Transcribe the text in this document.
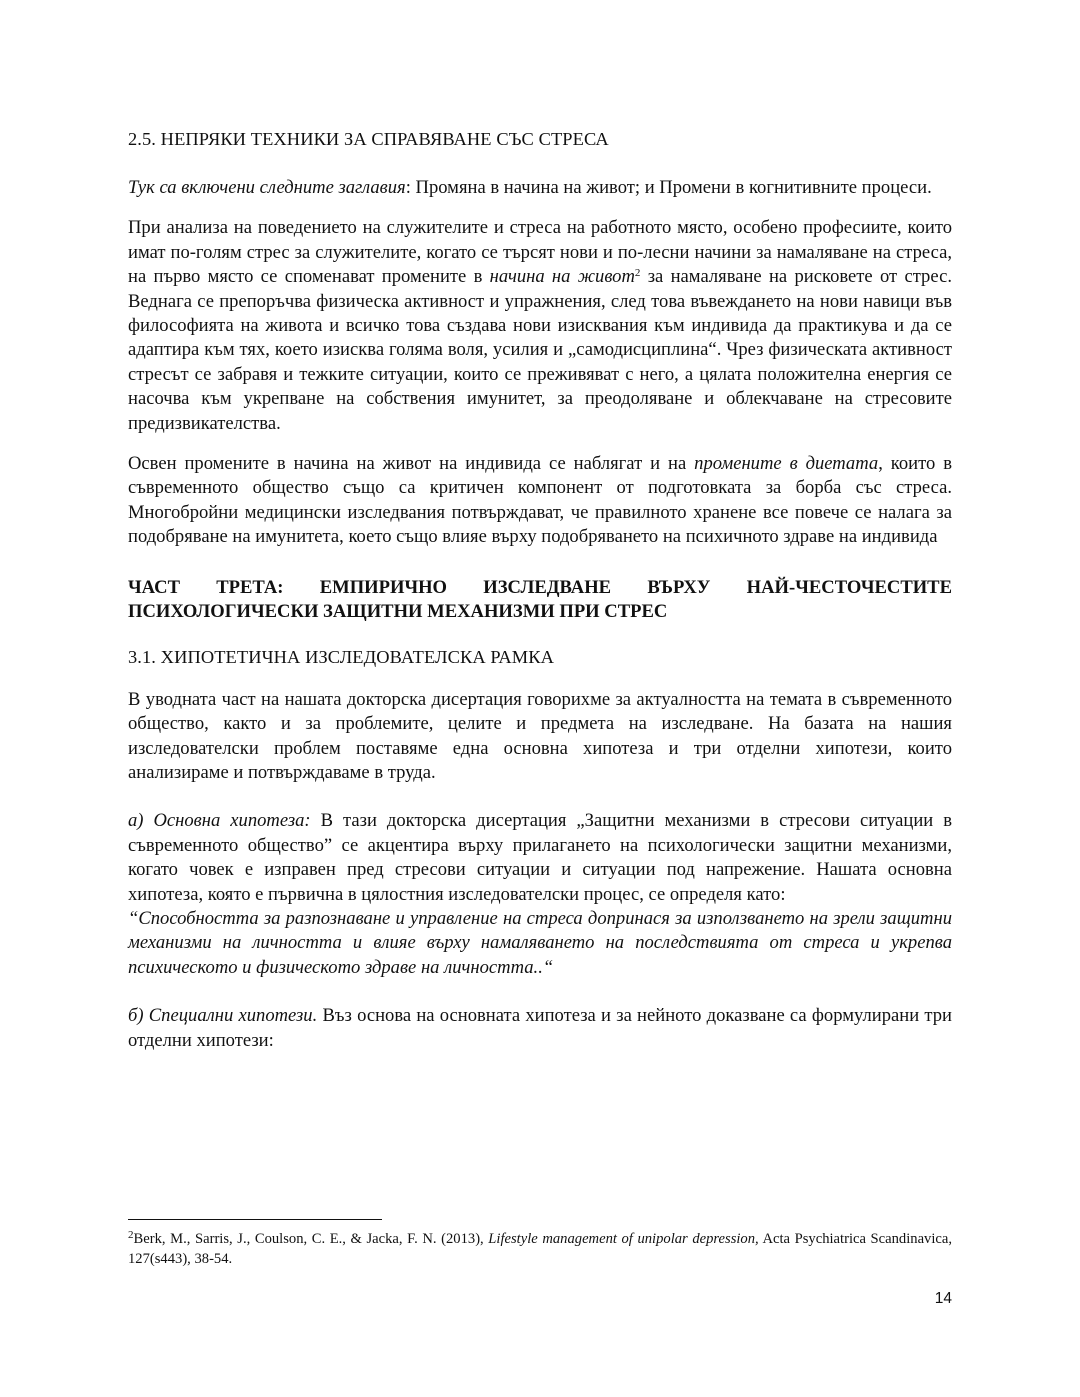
2.5. НЕПРЯКИ ТЕХНИКИ ЗА СПРАВЯВАНЕ СЪС СТРЕСА

Тук са включени следните заглавия: Промяна в начина на живот; и Промени в когнитивните процеси.

При анализа на поведението на служителите и стреса на работното място, особено професиите, които имат по-голям стрес за служителите, когато се търсят нови и по-лесни начини за намаляване на стреса, на първо място се споменават промените в начина на живот$^2$ за намаляване на рисковете от стрес. Веднага се препоръчва физическа активност и упражнения, след това въвеждането на нови навици във философията на живота и всичко това създава нови изисквания към индивида да практикува и да се адаптира към тях, което изисква голяма воля, усилия и „самодисциплина“. Чрез физическата активност стресът се забравя и тежките ситуации, които се преживяват с него, а цялата положителна енергия се насочва към укрепване на собствения имунитет, за преодоляване и облекчаване на стресовите предизвикателства.

Освен промените в начина на живот на индивида се наблягат и на промените в диетата, които в съвременното общество също са критичен компонент от подготовката за борба със стреса. Многобройни медицински изследвания потвърждават, че правилното хранене все повече се налага за подобряване на имунитета, което също влияе върху подобряването на психичното здраве на индивида

ЧАСТ ТРЕТА: ЕМПИРИЧНО ИЗСЛЕДВАНЕ ВЪРХУ НАЙ-ЧЕСТОЧЕСТИТЕ ПСИХОЛОГИЧЕСКИ ЗАЩИТНИ МЕХАНИЗМИ ПРИ СТРЕС

3.1. ХИПОТЕТИЧНА ИЗСЛЕДОВАТЕЛСКА РАМКА

В уводната част на нашата докторска дисертация говорихме за актуалността на темата в съвременното общество, както и за проблемите, целите и предмета на изследване. На базата на нашия изследователски проблем поставяме една основна хипотеза и три отделни хипотези, които анализираме и потвърждаваме в труда.

а) Основна хипотеза: В тази докторска дисертация „Защитни механизми в стресови ситуации в съвременното общество” се акцентира върху прилагането на психологически защитни механизми, когато човек е изправен пред стресови ситуации и ситуации под напрежение. Нашата основна хипотеза, която е първична в цялостния изследователски процес, се определя като:

“Способността за разпознаване и управление на стреса допринася за използването на зрели защитни механизми на личността и влияе върху намаляването на последствията от стреса и укрепва психическото и физическото здраве на личността..“

б) Специални хипотези. Въз основа на основната хипотеза и за нейното доказване са формулирани три отделни хипотези:

$^2$Berk, M., Sarris, J., Coulson, C. E., & Jacka, F. N. (2013), Lifestyle management of unipolar depression, Acta Psychiatrica Scandinavica, 127(s443), 38-54.

14
